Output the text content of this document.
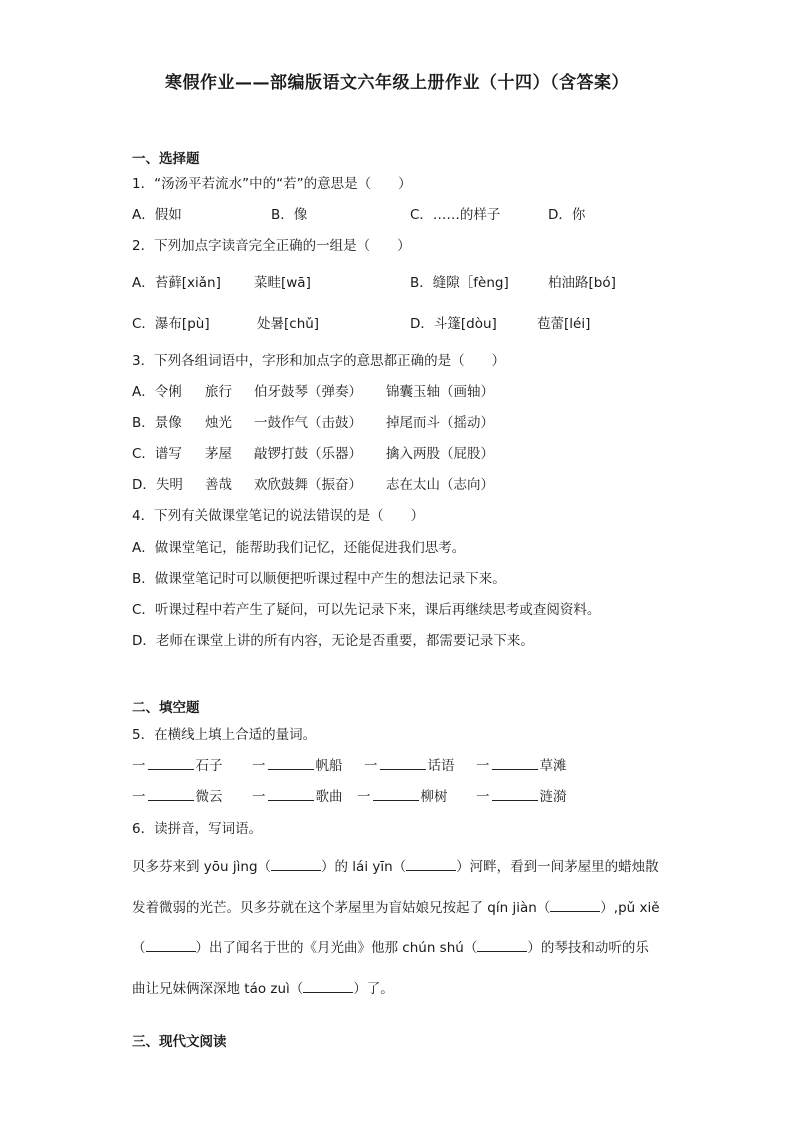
寒假作业——部编版语文六年级上册作业（十四）（含答案）
一、选择题
1．“汤汤平若流水”中的“若”的意思是（　　）
A．假如	B．像	C．……的样子	D．你
2．下列加点字读音完全正确的一组是（　　）
A．苔藓[xiǎn] 菜畦[wā]	B．缝隙［fèng]	柏油路[bó]
C．瀑布[pù]	处暑[chǔ]	D．斗篷[dòu]	苞蕾[léi]
3．下列各组词语中，字形和加点字的意思都正确的是（　　）
A．令俐 旅行 伯牙鼓琴（弹奏） 锦囊玉轴（画轴）
B．景像 烛光 一鼓作气（击鼓） 掉尾而斗（摇动）
C．谱写 茅屋 敲锣打鼓（乐器） 擒入两股（屁股）
D．失明 善哉 欢欣鼓舞（振奋） 志在太山（志向）
4．下列有关做课堂笔记的说法错误的是（　　）
A．做课堂笔记，能帮助我们记忆，还能促进我们思考。
B．做课堂笔记时可以顺便把听课过程中产生的想法记录下来。
C．听课过程中若产生了疑问，可以先记录下来，课后再继续思考或查阅资料。
D．老师在课堂上讲的所有内容，无论是否重要，都需要记录下来。
二、填空题
5．在横线上填上合适的量词。
一	石子 一	帆船 一	话语 一	草滩
一	微云 一	歌曲 一	柳树 一	涟漪
6．读拼音，写词语。
贝多芬来到 yōu jìng（	）的 lái yīn（	）河畔，看到一间茅屋里的蜡烛散
发着微弱的光芒。贝多芬就在这个茅屋里为盲姑娘兄按起了 qín jiàn（	）,pǔ xiě
（	）出了闻名于世的《月光曲》他那 chún shú（	）的琴技和动听的乐
曲让兄妹俩深深地 táo zuì（	）了。
三、现代文阅读
